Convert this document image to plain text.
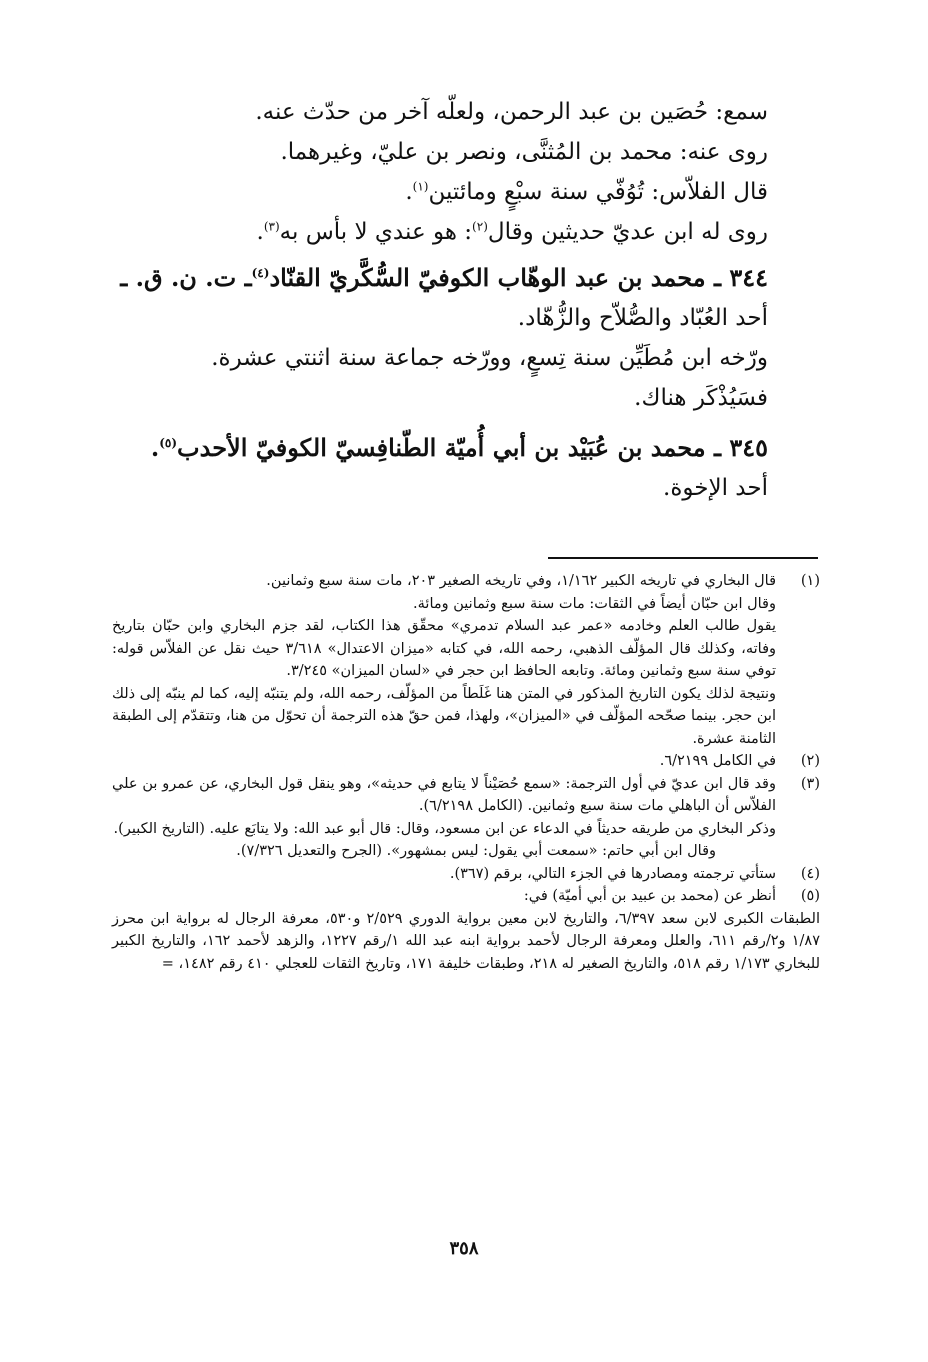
سمع: حُصَين بن عبد الرحمن، ولعلّه آخر من حدّث عنه.
روى عنه: محمد بن المُثنَّى، ونصر بن عليّ، وغيرهما.
قال الفلاّس: تُوُفّي سنة سبْعٍ ومائتين$^{(١)}$.
روى له ابن عديّ حديثين وقال$^{(٢)}$: هو عندي لا بأس به$^{(٣)}$.
٣٤٤ ـ محمد بن عبد الوهّاب الكوفيّ السُّكَّريّ القنّاد$^{(٤)}$ـ ت. ن. ق. ـ
أحد العُبّاد والصُّلاّح والزُّهّاد.
ورّخه ابن مُطَيِّن سنة تِسعٍ، وورّخه جماعة سنة اثنتي عشرة.
فسَيُذْكَر هناك.
٣٤٥ ـ محمد بن عُبَيْد بن أبي أُميّة الطّنافِسيّ الكوفيّ الأحدب$^{(٥)}$.
أحد الإخوة.
(١)

قال البخاري في تاريخه الكبير ١/١٦٢، وفي تاريخه الصغير ٢٠٣، مات سنة سبع وثمانين.

وقال ابن حبّان أيضاً في الثقات: مات سنة سبع وثمانين ومائة.

يقول طالب العلم وخادمه «عمر عبد السلام تدمري» محقّق هذا الكتاب، لقد جزم البخاري وابن حبّان بتاريخ وفاته، وكذلك قال المؤلّف الذهبي، رحمه الله، في كتابه «ميزان الاعتدال» ٣/٦١٨ حيث نقل عن الفلاّس قوله: توفي سنة سبع وثمانين ومائة. وتابعه الحافظ ابن حجر في «لسان الميزان» ٣/٢٤٥.

ونتيجة لذلك يكون التاريخ المذكور في المتن هنا غَلَطاً من المؤلّف، رحمه الله، ولم يتنبّه إليه، كما لم ينبّه إلى ذلك ابن حجر. بينما صحّحه المؤلّف في «الميزان»، ولهذا، فمن حقّ هذه الترجمة أن تحوّل من هنا، وتتقدّم إلى الطبقة الثامنة عشرة.

(٢)

في الكامل ٦/٢١٩٩.

(٣)

وقد قال ابن عديّ في أول الترجمة: «سمع حُصَيْناً لا يتابع في حديثه»، وهو ينقل قول البخاري، عن عمرو بن علي الفلاّس أن الباهلي مات سنة سبع وثمانين. (الكامل ٦/٢١٩٨).

وذكر البخاري من طريقه حديثاً في الدعاء عن ابن مسعود، وقال: قال أبو عبد الله: ولا يتابَع عليه. (التاريخ الكبير).

وقال ابن أبي حاتم: «سمعت أبي يقول: ليس بمشهور». (الجرح والتعديل ٧/٣٢٦).

(٤)

ستأتي ترجمته ومصادرها في الجزء التالي، برقم (٣٦٧).

(٥)

أنظر عن (محمد بن عبيد بن أبي أميّة) في:

الطبقات الكبرى لابن سعد ٦/٣٩٧، والتاريخ لابن معين برواية الدوري ٢/٥٢٩ و٥٣٠، معرفة الرجال له برواية ابن محرز ١/٨٧ و٢/رقم ٦١١، والعلل ومعرفة الرجال لأحمد برواية ابنه عبد الله ١/رقم ١٢٢٧، والزهد لأحمد ١٦٢، والتاريخ الكبير للبخاري ١/١٧٣ رقم ٥١٨، والتاريخ الصغير له ٢١٨، وطبقات خليفة ١٧١، وتاريخ الثقات للعجلي ٤١٠ رقم ١٤٨٢، =

٣٥٨
